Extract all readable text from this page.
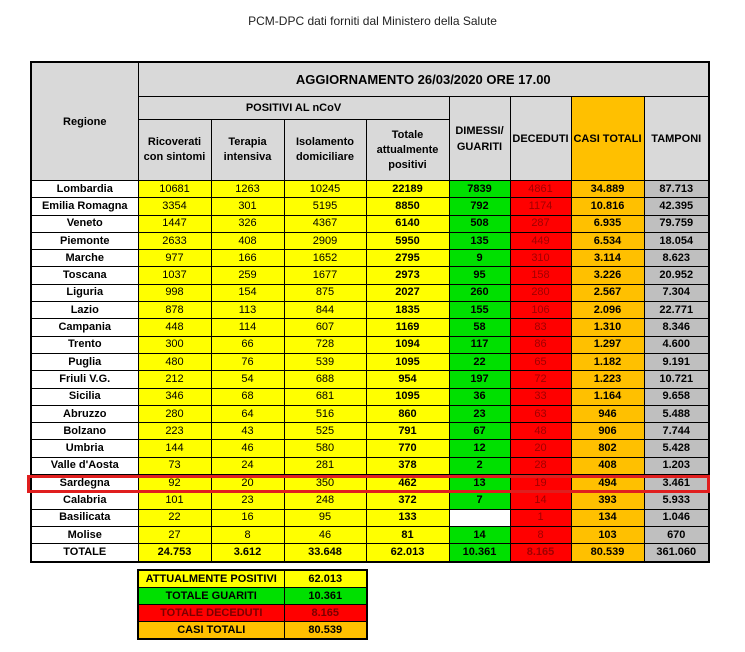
PCM-DPC dati forniti dal Ministero della Salute
Regione	AGGIORNAMENTO 26/03/2020 ORE 17.00							
	POSITIVI AL nCoV				DIMESSI/ GUARITI	DECEDUTI	CASI TOTALI	TAMPONI
	Ricoverati con sintomi	Terapia intensiva	Isolamento domiciliare	Totale attualmente positivi				
Lombardia	10681	1263	10245	22189	7839	4861	34.889	87.713
Emilia Romagna	3354	301	5195	8850	792	1174	10.816	42.395
Veneto	1447	326	4367	6140	508	287	6.935	79.759
Piemonte	2633	408	2909	5950	135	449	6.534	18.054
Marche	977	166	1652	2795	9	310	3.114	8.623
Toscana	1037	259	1677	2973	95	158	3.226	20.952
Liguria	998	154	875	2027	260	280	2.567	7.304
Lazio	878	113	844	1835	155	106	2.096	22.771
Campania	448	114	607	1169	58	83	1.310	8.346
Trento	300	66	728	1094	117	86	1.297	4.600
Puglia	480	76	539	1095	22	65	1.182	9.191
Friuli V.G.	212	54	688	954	197	72	1.223	10.721
Sicilia	346	68	681	1095	36	33	1.164	9.658
Abruzzo	280	64	516	860	23	63	946	5.488
Bolzano	223	43	525	791	67	48	906	7.744
Umbria	144	46	580	770	12	20	802	5.428
Valle d'Aosta	73	24	281	378	2	28	408	1.203
Sardegna	92	20	350	462	13	19	494	3.461
Calabria	101	23	248	372	7	14	393	5.933
Basilicata	22	16	95	133		1	134	1.046
Molise	27	8	46	81	14	8	103	670
TOTALE	24.753	3.612	33.648	62.013	10.361	8.165	80.539	361.060
ATTUALMENTE POSITIVI	62.013
TOTALE GUARITI	10.361
TOTALE DECEDUTI	8.165
CASI TOTALI	80.539
